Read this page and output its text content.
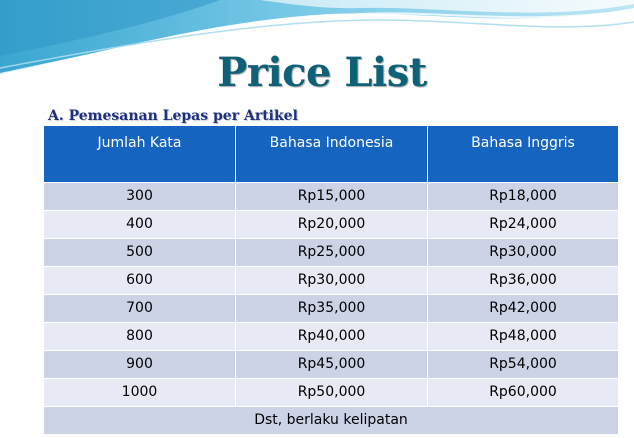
Price List
A. Pemesanan Lepas per Artikel
Jumlah Kata	Bahasa Indonesia	Bahasa Inggris
300	Rp15,000	Rp18,000
400	Rp20,000	Rp24,000
500	Rp25,000	Rp30,000
600	Rp30,000	Rp36,000
700	Rp35,000	Rp42,000
800	Rp40,000	Rp48,000
900	Rp45,000	Rp54,000
1000	Rp50,000	Rp60,000
Dst, berlaku kelipatan		
